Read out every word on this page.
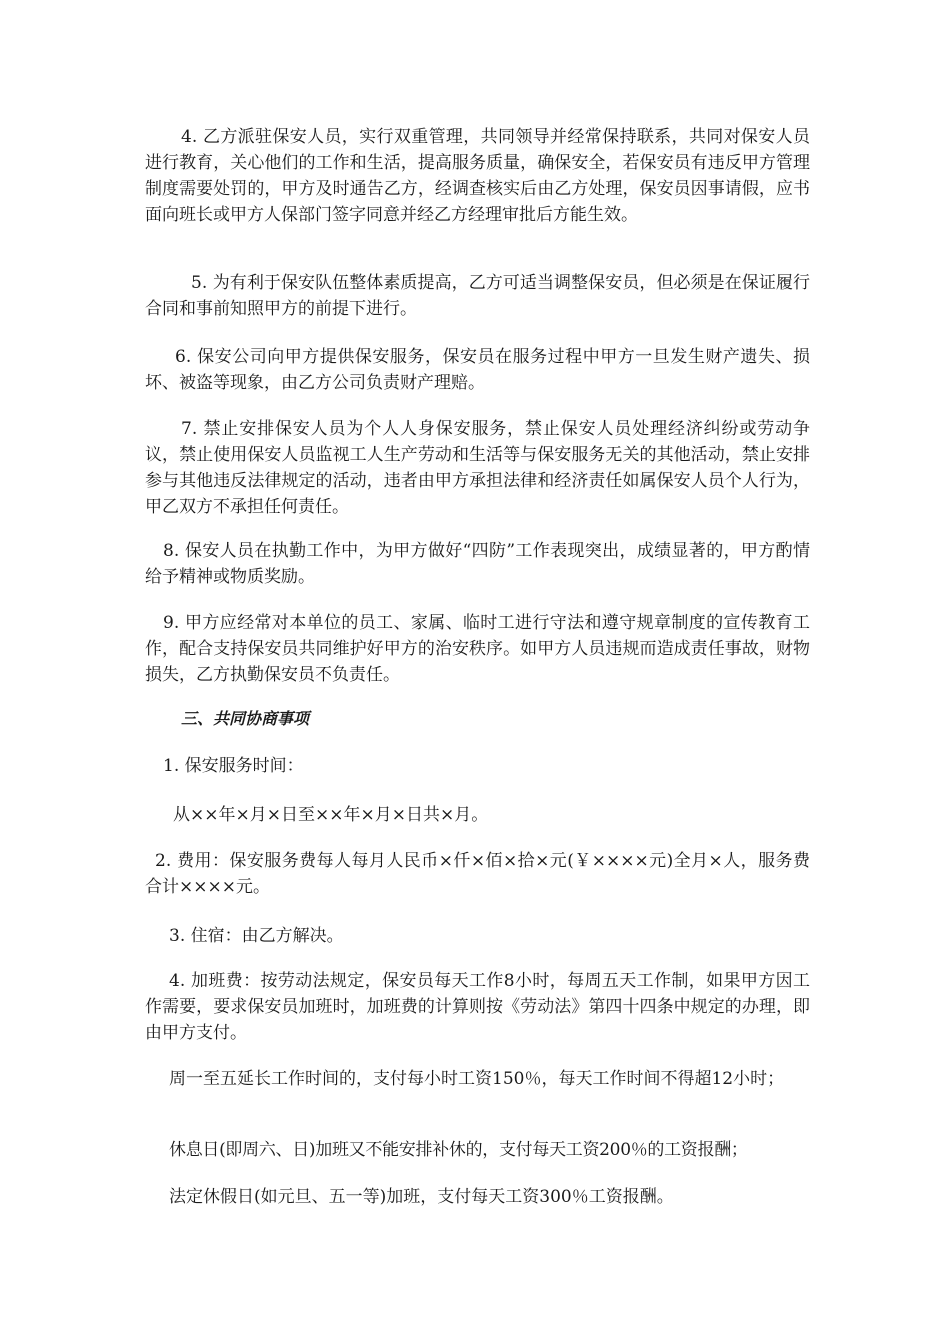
4. 乙方派驻保安人员，实行双重管理，共同领导并经常保持联系，共同对保安人员进行教育，关心他们的工作和生活，提高服务质量，确保安全，若保安员有违反甲方管理制度需要处罚的，甲方及时通告乙方，经调查核实后由乙方处理，保安员因事请假，应书面向班长或甲方人保部门签字同意并经乙方经理审批后方能生效。

5. 为有利于保安队伍整体素质提高，乙方可适当调整保安员，但必须是在保证履行合同和事前知照甲方的前提下进行。

6. 保安公司向甲方提供保安服务，保安员在服务过程中甲方一旦发生财产遗失、损坏、被盗等现象，由乙方公司负责财产理赔。

7. 禁止安排保安人员为个人人身保安服务，禁止保安人员处理经济纠纷或劳动争议，禁止使用保安人员监视工人生产劳动和生活等与保安服务无关的其他活动，禁止安排参与其他违反法律规定的活动，违者由甲方承担法律和经济责任如属保安人员个人行为，甲乙双方不承担任何责任。

8. 保安人员在执勤工作中，为甲方做好“四防”工作表现突出，成绩显著的，甲方酌情给予精神或物质奖励。

9. 甲方应经常对本单位的员工、家属、临时工进行守法和遵守规章制度的宣传教育工作，配合支持保安员共同维护好甲方的治安秩序。如甲方人员违规而造成责任事故，财物损失，乙方执勤保安员不负责任。

三、共同协商事项

1. 保安服务时间：

从××年×月×日至××年×月×日共×月。

2. 费用：保安服务费每人每月人民币×仟×佰×拾×元(￥××××元)全月×人，服务费合计××××元。

3. 住宿：由乙方解决。

4. 加班费：按劳动法规定，保安员每天工作8小时，每周五天工作制，如果甲方因工作需要，要求保安员加班时，加班费的计算则按《劳动法》第四十四条中规定的办理，即由甲方支付。

周一至五延长工作时间的，支付每小时工资150％，每天工作时间不得超12小时；

休息日(即周六、日)加班又不能安排补休的，支付每天工资200％的工资报酬；

法定休假日(如元旦、五一等)加班，支付每天工资300％工资报酬。
